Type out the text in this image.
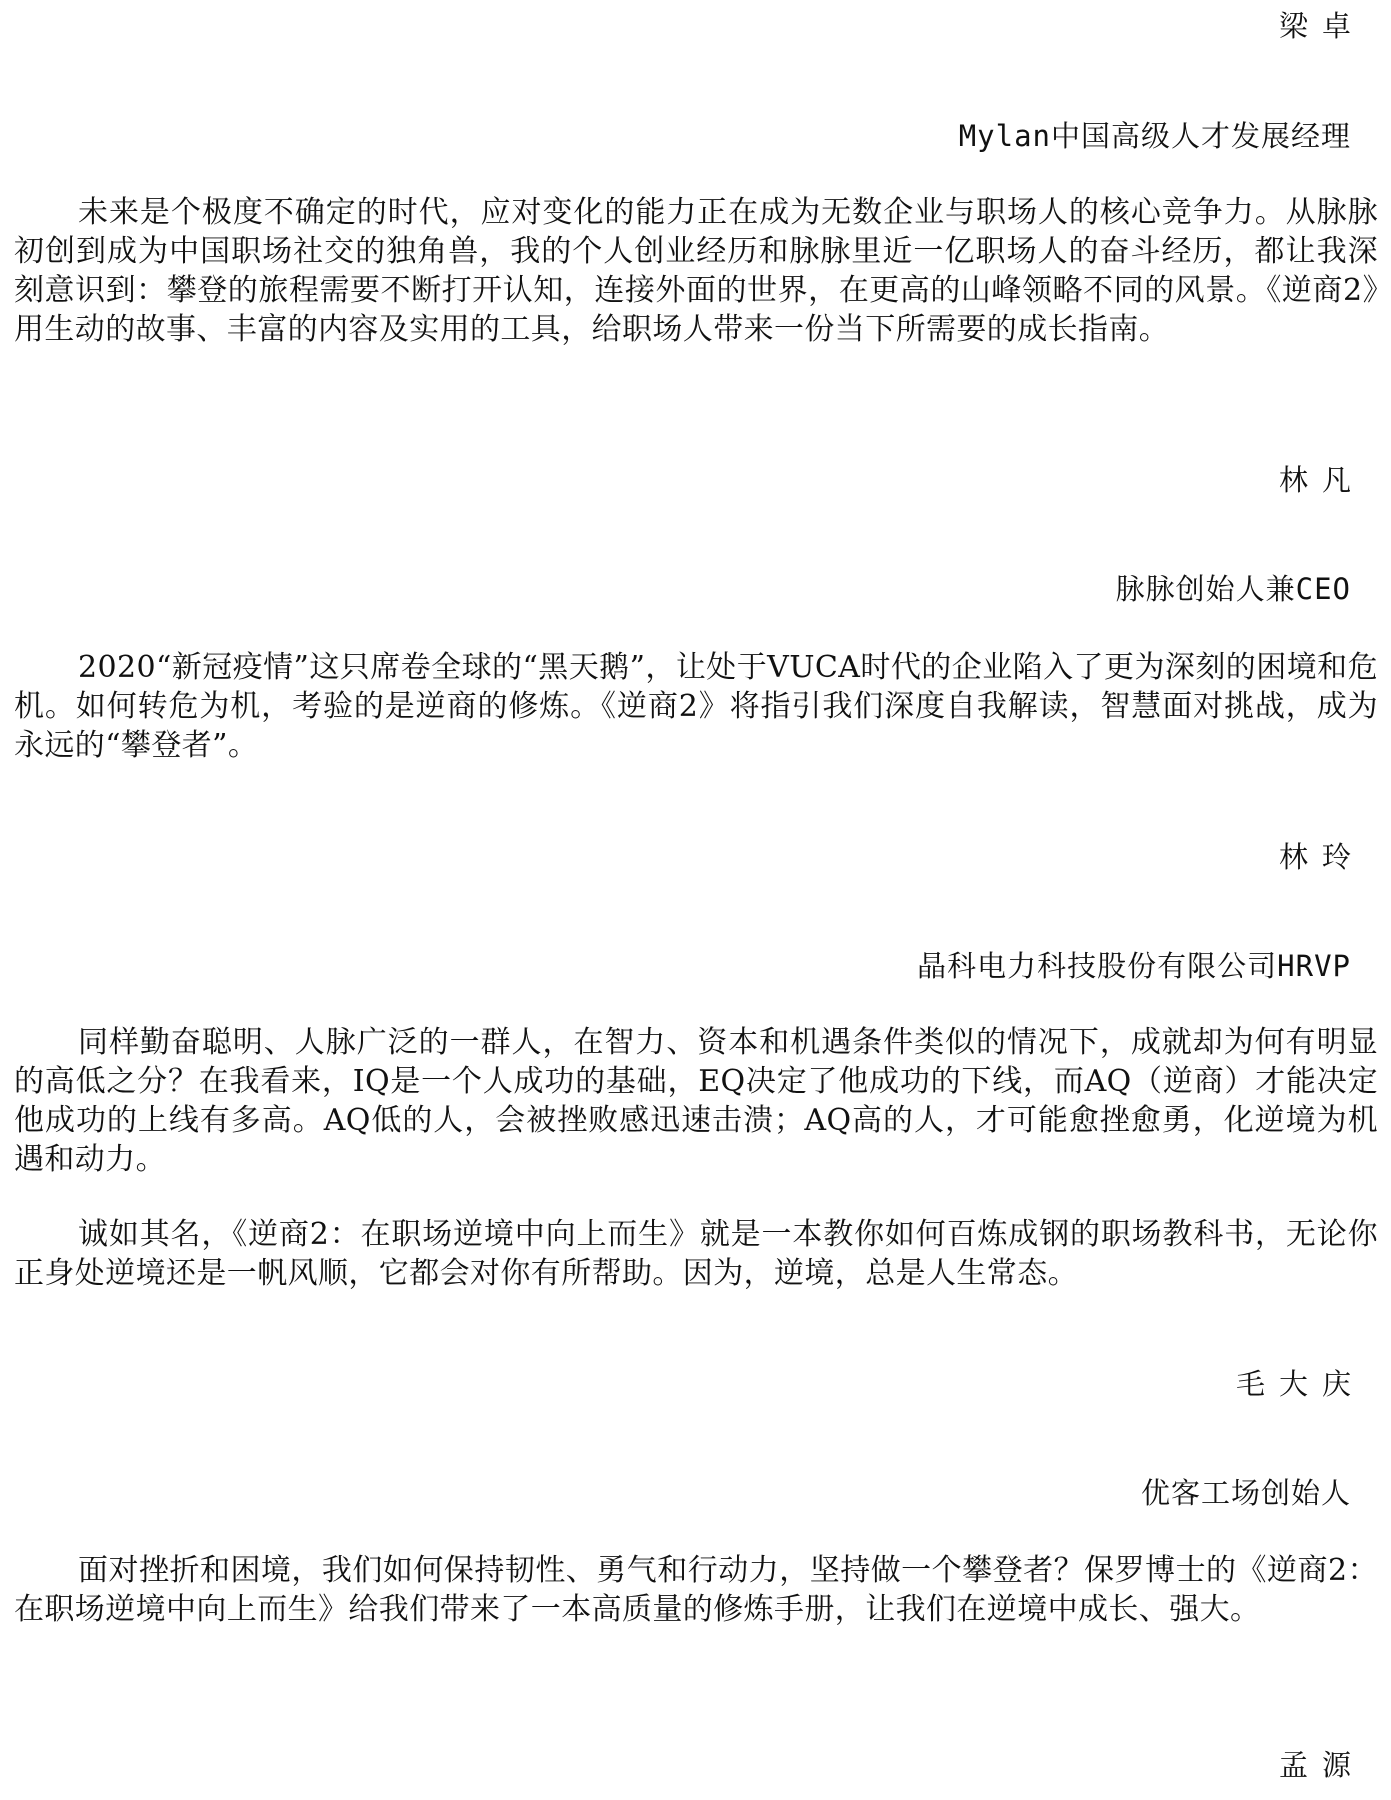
梁卓
Mylan中国高级人才发展经理

未来是个极度不确定的时代，应对变化的能力正在成为无数企业与职场人的核心竞争力。从脉脉初创到成为中国职场社交的独角兽，我的个人创业经历和脉脉里近一亿职场人的奋斗经历，都让我深刻意识到：攀登的旅程需要不断打开认知，连接外面的世界，在更高的山峰领略不同的风景。《逆商2》用生动的故事、丰富的内容及实用的工具，给职场人带来一份当下所需要的成长指南。

林凡
脉脉创始人兼CEO

2020“新冠疫情”这只席卷全球的“黑天鹅”，让处于VUCA时代的企业陷入了更为深刻的困境和危机。如何转危为机，考验的是逆商的修炼。《逆商2》将指引我们深度自我解读，智慧面对挑战，成为永远的“攀登者”。

林玲
晶科电力科技股份有限公司HRVP

同样勤奋聪明、人脉广泛的一群人，在智力、资本和机遇条件类似的情况下，成就却为何有明显的高低之分？在我看来，IQ是一个人成功的基础，EQ决定了他成功的下线，而AQ（逆商）才能决定他成功的上线有多高。AQ低的人，会被挫败感迅速击溃；AQ高的人，才可能愈挫愈勇，化逆境为机遇和动力。

诚如其名，《逆商2：在职场逆境中向上而生》就是一本教你如何百炼成钢的职场教科书，无论你正身处逆境还是一帆风顺，它都会对你有所帮助。因为，逆境，总是人生常态。

毛大庆
优客工场创始人

面对挫折和困境，我们如何保持韧性、勇气和行动力，坚持做一个攀登者？保罗博士的《逆商2：在职场逆境中向上而生》给我们带来了一本高质量的修炼手册，让我们在逆境中成长、强大。

孟源
